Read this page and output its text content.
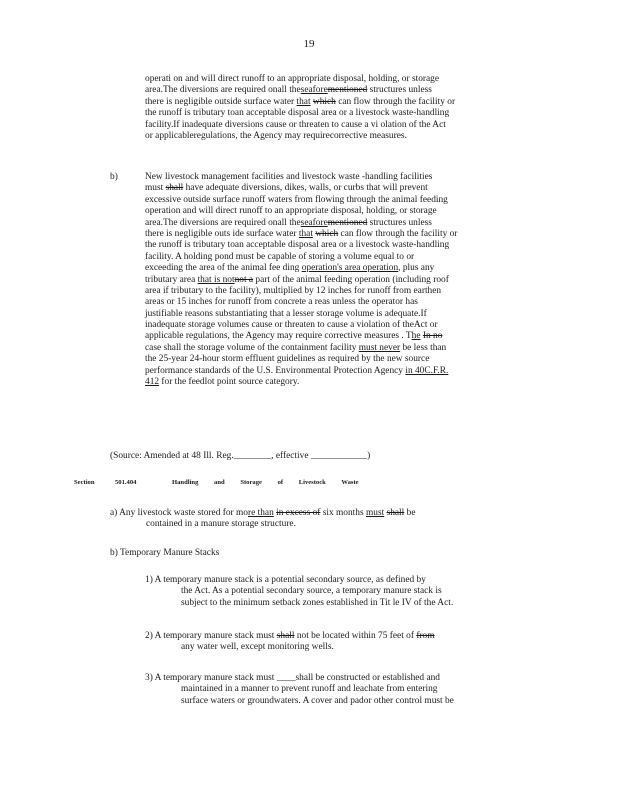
19
operati on and will direct runoff to an appropriate disposal, holding, or storage
area.The diversions are required onall theseaforementioned structures unless
there is negligible outside surface water that which can flow through the facility or
the runoff is tributary toan acceptable disposal area or a livestock waste-handling
facility.If inadequate diversions cause or threaten to cause a vi olation of the Act
or applicableregulations, the Agency may requirecorrective measures.
b)	New livestock management facilities and livestock waste -handling facilities
must shall have adequate diversions, dikes, walls, or curbs that will prevent
excessive outside surface runoff waters from flowing through the animal feeding
operation and will direct runoff to an appropriate disposal, holding, or storage
area.The diversions are required onall theseaforementioned structures unless
there is negligible outs ide surface water that which can flow through the facility or
the runoff is tributary toan acceptable disposal area or a livestock waste-handling
facility. A holding pond must be capable of storing a volume equal to or
exceeding the area of the animal fee ding operation's area operation, plus any
tributary area that is notnot a part of the animal feeding operation (including roof
area if tributary to the facility), multiplied by 12 inches for runoff from earthen
areas or 15 inches for runoff from concrete a reas unless the operator has
justifiable reasons substantiating that a lesser storage volume is adequate.If
inadequate storage volumes cause or threaten to cause a violation of theAct or
applicable regulations, the Agency may require corrective measures . The In no
case shall the storage volume of the containment facility must never be less than
the 25-year 24-hour storm effluent guidelines as required by the new source
performance standards of the U.S. Environmental Protection Agency in 40C.F.R.
412 for the feedlot point source category.
(Source: Amended at 48 Ill. Reg.________, effective ____________)
Section	501.404	Handling and Storage of Livestock Waste
a) Any livestock waste stored for more than in excess of six months must shall be
contained in a manure storage structure.
b) Temporary Manure Stacks
1) A temporary manure stack is a potential secondary source, as defined by
the Act. As a potential secondary source, a temporary manure stack is
subject to the minimum setback zones established in Tit le IV of the Act.
2) A temporary manure stack must shall not be located within 75 feet of from
any water well, except monitoring wells.
3) A temporary manure stack must ____shall be constructed or established and
maintained in a manner to prevent runoff and leachate from entering
surface waters or groundwaters. A cover and pador other control must be
